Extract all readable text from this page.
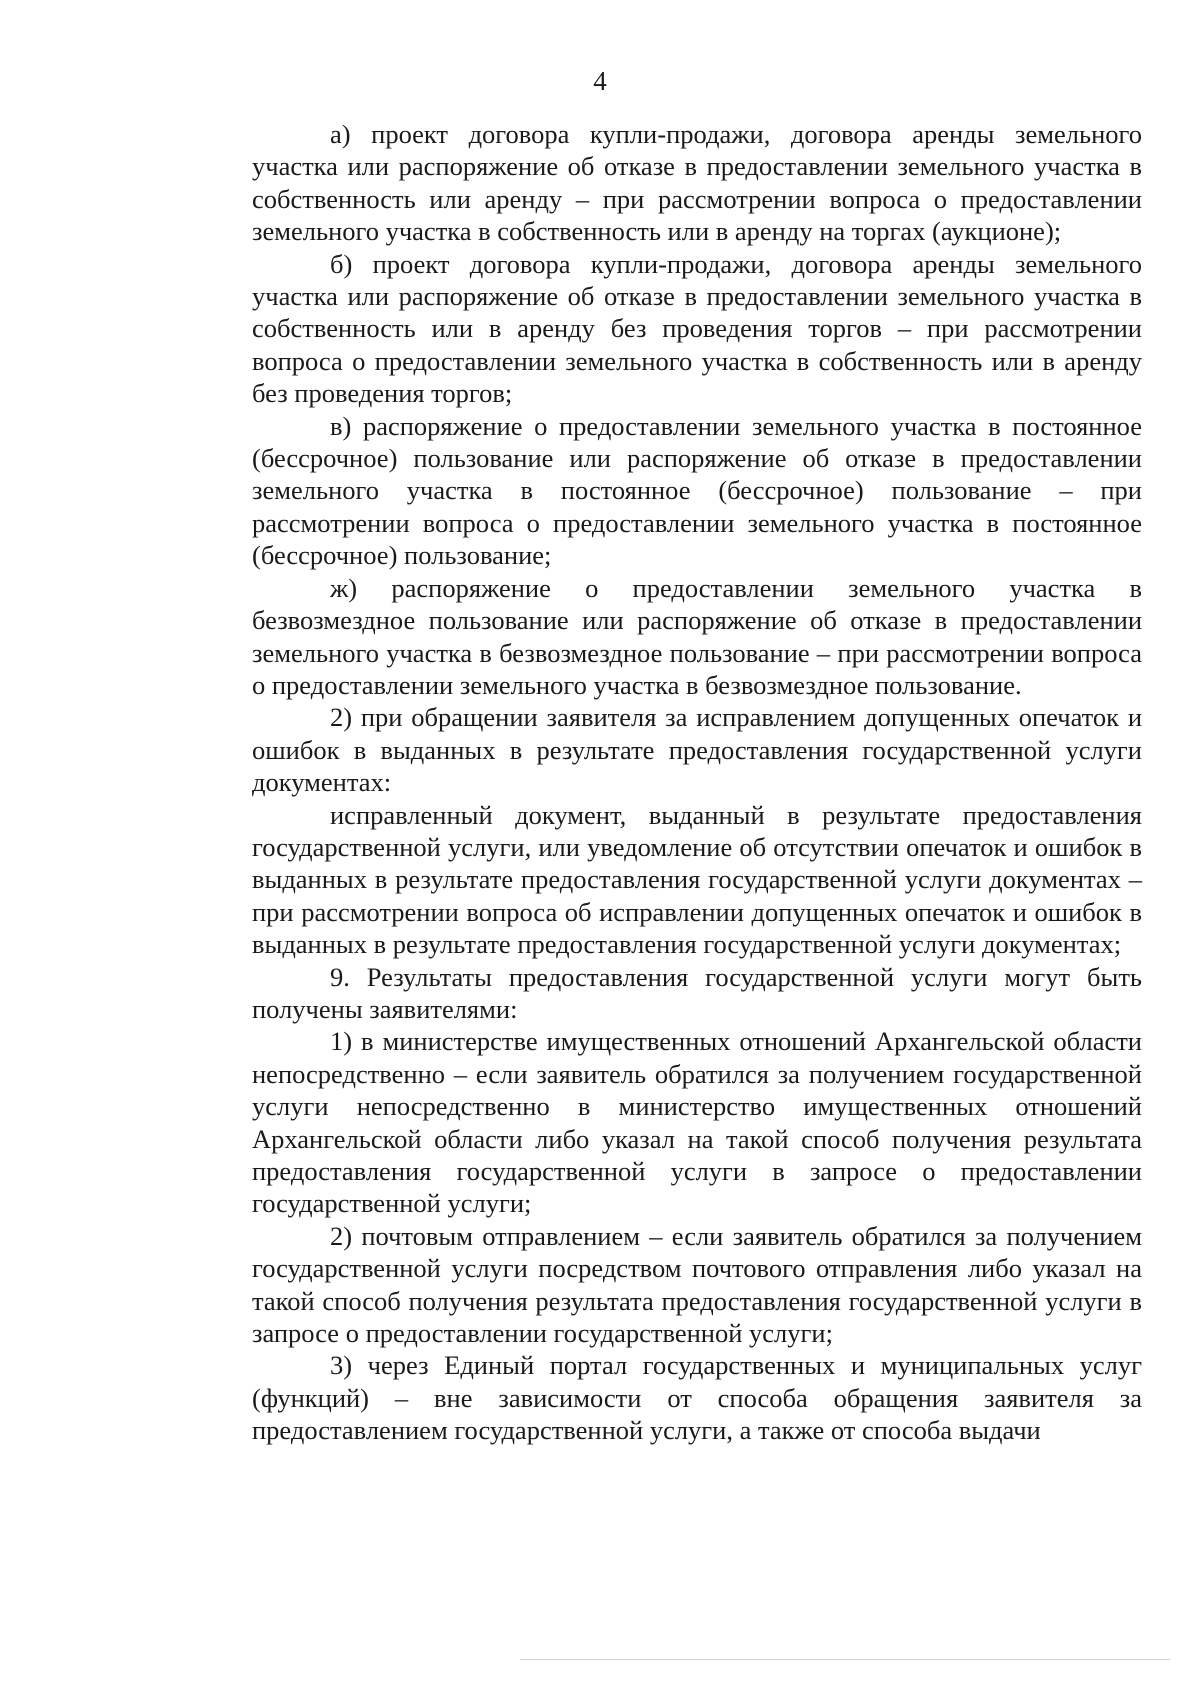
4

а) проект договора купли-продажи, договора аренды земельного участка или распоряжение об отказе в предоставлении земельного участка в собственность или аренду – при рассмотрении вопроса о предоставлении земельного участка в собственность или в аренду на торгах (аукционе);

б) проект договора купли-продажи, договора аренды земельного участка или распоряжение об отказе в предоставлении земельного участка в собственность или в аренду без проведения торгов – при рассмотрении вопроса о предоставлении земельного участка в собственность или в аренду без проведения торгов;

в) распоряжение о предоставлении земельного участка в постоянное (бессрочное) пользование или распоряжение об отказе в предоставлении земельного участка в постоянное (бессрочное) пользование – при рассмотрении вопроса о предоставлении земельного участка в постоянное (бессрочное) пользование;

ж) распоряжение о предоставлении земельного участка в безвозмездное пользование или распоряжение об отказе в предоставлении земельного участка в безвозмездное пользование – при рассмотрении вопроса о предоставлении земельного участка в безвозмездное пользование.

2) при обращении заявителя за исправлением допущенных опечаток и ошибок в выданных в результате предоставления государственной услуги документах:

исправленный документ, выданный в результате предоставления государственной услуги, или уведомление об отсутствии опечаток и ошибок в выданных в результате предоставления государственной услуги документах – при рассмотрении вопроса об исправлении допущенных опечаток и ошибок в выданных в результате предоставления государственной услуги документах;

9. Результаты предоставления государственной услуги могут быть получены заявителями:

1) в министерстве имущественных отношений Архангельской области непосредственно – если заявитель обратился за получением государственной услуги непосредственно в министерство имущественных отношений Архангельской области либо указал на такой способ получения результата предоставления государственной услуги в запросе о предоставлении государственной услуги;

2) почтовым отправлением – если заявитель обратился за получением государственной услуги посредством почтового отправления либо указал на такой способ получения результата предоставления государственной услуги в запросе о предоставлении государственной услуги;

3) через Единый портал государственных и муниципальных услуг (функций) – вне зависимости от способа обращения заявителя за предоставлением государственной услуги, а также от способа выдачи
